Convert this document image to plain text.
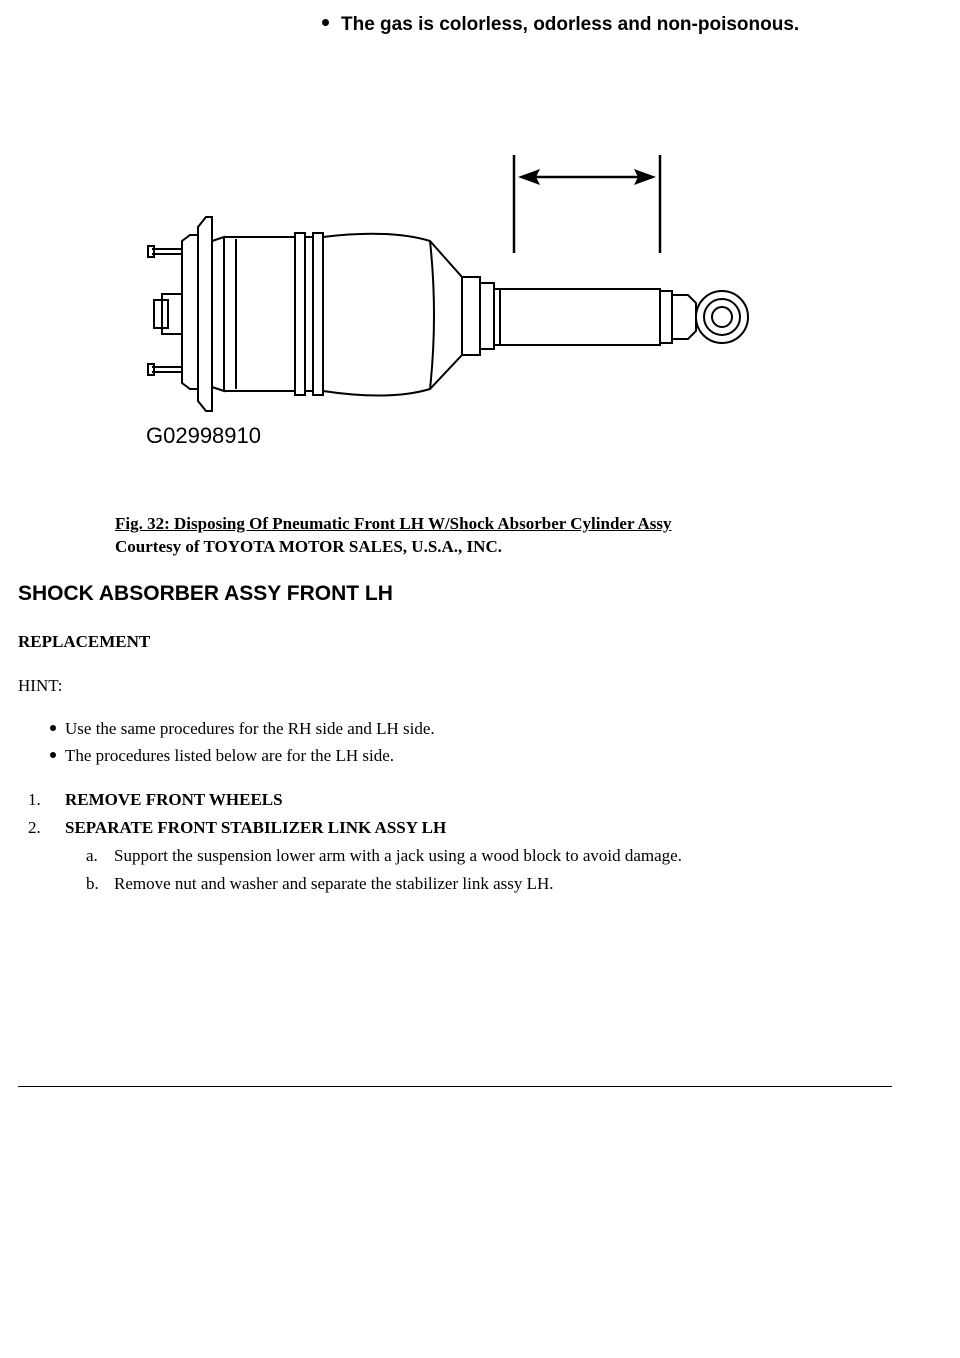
The gas is colorless, odorless and non-poisonous.
G02998910
Fig. 32: Disposing Of Pneumatic Front LH W/Shock Absorber Cylinder Assy
Courtesy of TOYOTA MOTOR SALES, U.S.A., INC.
SHOCK ABSORBER ASSY FRONT LH
REPLACEMENT
HINT:
Use the same procedures for the RH side and LH side.
The procedures listed below are for the LH side.
1. REMOVE FRONT WHEELS
2. SEPARATE FRONT STABILIZER LINK ASSY LH
a. Support the suspension lower arm with a jack using a wood block to avoid damage.
b. Remove nut and washer and separate the stabilizer link assy LH.
